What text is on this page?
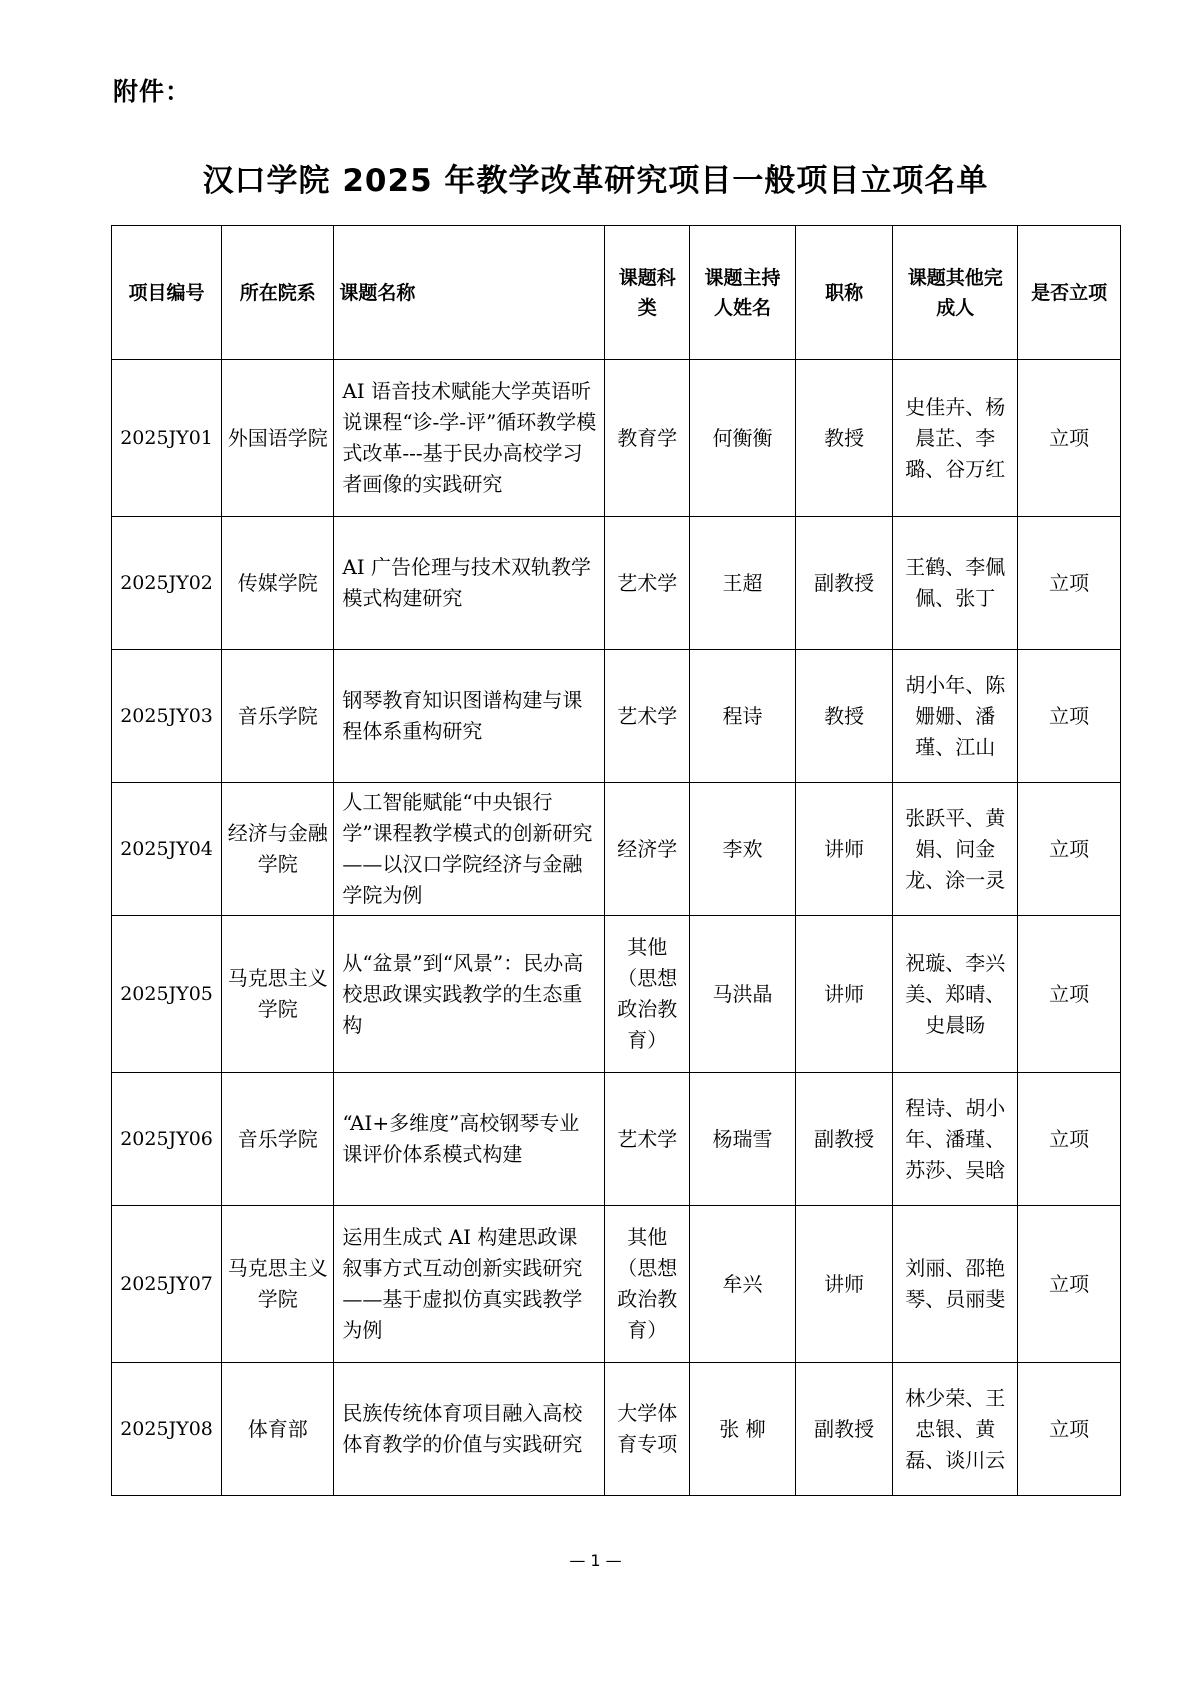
附件：
汉口学院 2025 年教学改革研究项目一般项目立项名单
项目编号	所在院系	课题名称	课题科类	课题主持人姓名	职称	课题其他完成人	是否立项
2025JY01	外国语学院	AI 语音技术赋能大学英语听说课程“诊-学-评”循环教学模式改革---基于民办高校学习者画像的实践研究	教育学	何衡衡	教授	史佳卉、杨晨芷、李璐、谷万红	立项
2025JY02	传媒学院	AI 广告伦理与技术双轨教学模式构建研究	艺术学	王超	副教授	王鹤、李佩佩、张丁	立项
2025JY03	音乐学院	钢琴教育知识图谱构建与课程体系重构研究	艺术学	程诗	教授	胡小年、陈姗姗、潘瑾、江山	立项
2025JY04	经济与金融学院	人工智能赋能“中央银行学”课程教学模式的创新研究——以汉口学院经济与金融学院为例	经济学	李欢	讲师	张跃平、黄娟、问金龙、涂一灵	立项
2025JY05	马克思主义学院	从“盆景”到“风景”：民办高校思政课实践教学的生态重构	其他（思想政治教育）	马洪晶	讲师	祝璇、李兴美、郑晴、史晨旸	立项
2025JY06	音乐学院	“AI+多维度”高校钢琴专业课评价体系模式构建	艺术学	杨瑞雪	副教授	程诗、胡小年、潘瑾、苏莎、吴晗	立项
2025JY07	马克思主义学院	运用生成式 AI 构建思政课叙事方式互动创新实践研究——基于虚拟仿真实践教学为例	其他（思想政治教育）	牟兴	讲师	刘丽、邵艳琴、员丽斐	立项
2025JY08	体育部	民族传统体育项目融入高校体育教学的价值与实践研究	大学体育专项	张 柳	副教授	林少荣、王忠银、黄磊、谈川云	立项
— 1 —
